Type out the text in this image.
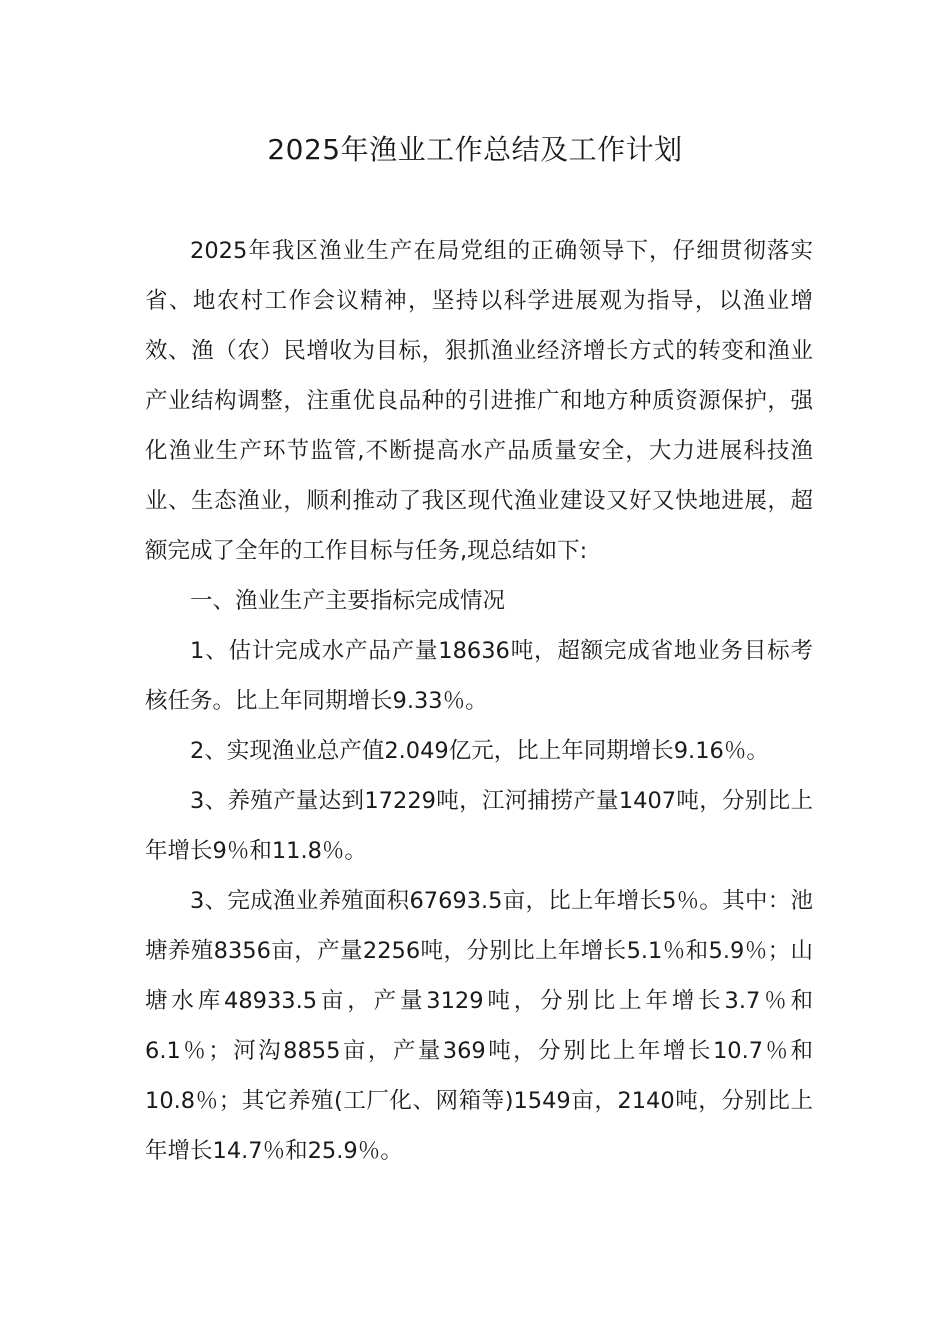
2025年渔业工作总结及工作计划

2025年我区渔业生产在局党组的正确领导下，仔细贯彻落实省、地农村工作会议精神，坚持以科学进展观为指导，以渔业增效、渔（农）民增收为目标，狠抓渔业经济增长方式的转变和渔业产业结构调整，注重优良品种的引进推广和地方种质资源保护，强化渔业生产环节监管,不断提高水产品质量安全，大力进展科技渔业、生态渔业，顺利推动了我区现代渔业建设又好又快地进展，超额完成了全年的工作目标与任务,现总结如下:

一、渔业生产主要指标完成情况

1、估计完成水产品产量18636吨，超额完成省地业务目标考核任务。比上年同期增长9.33％。

2、实现渔业总产值2.049亿元，比上年同期增长9.16％。

3、养殖产量达到17229吨，江河捕捞产量1407吨，分别比上年增长9％和11.8％。

3、完成渔业养殖面积67693.5亩，比上年增长5％。其中：池塘养殖8356亩，产量2256吨，分别比上年增长5.1％和5.9％；山塘水库48933.5亩，产量3129吨，分别比上年增长3.7％和6.1％；河沟8855亩，产量369吨，分别比上年增长10.7％和10.8％；其它养殖(工厂化、网箱等)1549亩，2140吨，分别比上年增长14.7％和25.9％。
